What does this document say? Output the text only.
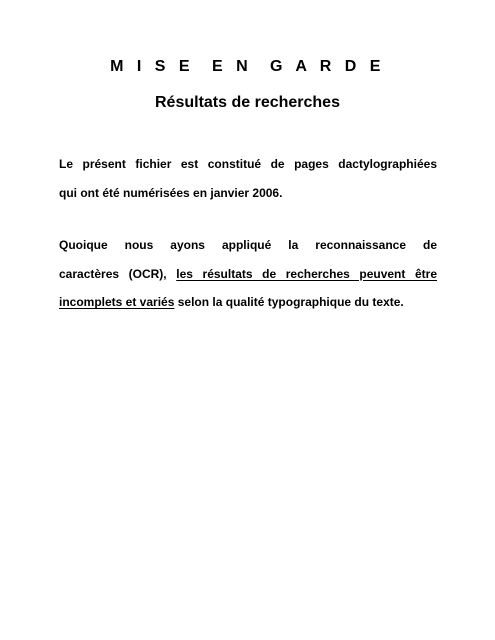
M I S E  E N  G A R D E
Résultats de recherches
Le présent fichier est constitué de pages dactylographiées
qui ont été numérisées en janvier 2006.
Quoique nous ayons appliqué la reconnaissance de
caractères (OCR), les résultats de recherches peuvent être
incomplets et variés selon la qualité typographique du texte.
